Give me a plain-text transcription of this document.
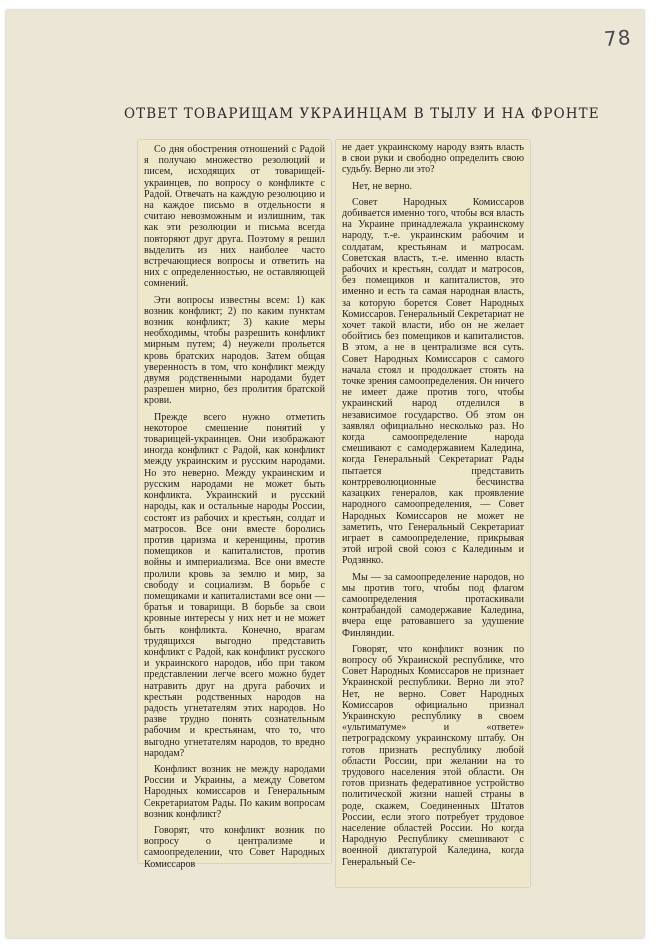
78
ОТВЕТ ТОВАРИЩАМ УКРАИНЦАМ В ТЫЛУ И НА ФРОНТЕ

Со дня обострения отношений с Радой я получаю множество резолюций и писем, исходящих от товарищей-украинцев, по вопросу о конфликте с Радой. Отвечать на каждую резолюцию и на каждое письмо в отдельности я считаю невозможным и излишним, так как эти резолюции и письма всегда повторяют друг друга. Поэтому я решил выделить из них наиболее часто встречающиеся вопросы и ответить на них с определенностью, не оставляющей сомнений.

Эти вопросы известны всем: 1) как возник конфликт; 2) по каким пунктам возник конфликт; 3) какие меры необходимы, чтобы разрешить конфликт мирным путем; 4) неужели прольется кровь братских народов. Затем общая уверенность в том, что конфликт между двумя родственными народами будет разрешен мирно, без пролития братской крови.

Прежде всего нужно отметить некоторое смешение понятий у товарищей-украинцев. Они изображают иногда конфликт с Радой, как конфликт между украинским и русским народами. Но это неверно. Между украинским и русским народами не может быть конфликта. Украинский и русский народы, как и остальные народы России, состоят из рабочих и крестьян, солдат и матросов. Все они вместе боролись против царизма и керенщины, против помещиков и капиталистов, против войны и империализма. Все они вместе пролили кровь за землю и мир, за свободу и социализм. В борьбе с помещиками и капиталистами все они — братья и товарищи. В борьбе за свои кровные интересы у них нет и не может быть конфликта. Конечно, врагам трудящихся выгодно представить конфликт с Радой, как конфликт русского и украинского народов, ибо при таком представлении легче всего можно будет натравить друг на друга рабочих и крестьян родственных народов на радость угнетателям этих народов. Но разве трудно понять сознательным рабочим и крестьянам, что то, что выгодно угнетателям народов, то вредно народам?

Конфликт возник не между народами России и Украины, а между Советом Народных комиссаров и Генеральным Секретариатом Рады. По каким вопросам возник конфликт?

Говорят, что конфликт возник по вопросу о централизме и самоопределении, что Совет Народных Комиссаров

не дает украинскому народу взять власть в свои руки и свободно определить свою судьбу. Верно ли это?

Нет, не верно.

Совет Народных Комиссаров добивается именно того, чтобы вся власть на Украине принадлежала украинскому народу, т.-е. украинским рабочим и солдатам, крестьянам и матросам. Советская власть, т.-е. именно власть рабочих и крестьян, солдат и матросов, без помещиков и капиталистов, это именно и есть та самая народная власть, за которую борется Совет Народных Комиссаров. Генеральный Секретариат не хочет такой власти, ибо он не желает обойтись без помещиков и капиталистов. В этом, а не в централизме вся суть. Совет Народных Комиссаров с самого начала стоял и продолжает стоять на точке зрения самоопределения. Он ничего не имеет даже против того, чтобы украинский народ отделился в независимое государство. Об этом он заявлял официально несколько раз. Но когда самоопределение народа смешивают с самодержавием Каледина, когда Генеральный Секретариат Рады пытается представить контрреволюционные бесчинства казацких генералов, как проявление народного самоопределения, — Совет Народных Комиссаров не может не заметить, что Генеральный Секретариат играет в самоопределение, прикрывая этой игрой свой союз с Калединым и Родзянко.

Мы — за самоопределение народов, но мы против того, чтобы под флагом самоопределения протаскивали контрабандой самодержавие Каледина, вчера еще ратовавшего за удушение Финляндии.

Говорят, что конфликт возник по вопросу об Украинской республике, что Совет Народных Комиссаров не признает Украинской республики. Верно ли это? Нет, не верно. Совет Народных Комиссаров официально признал Украинскую республику в своем «ультиматуме» и «ответе» петроградскому украинскому штабу. Он готов признать республику любой области России, при желании на то трудового населения этой области. Он готов признать федеративное устройство политической жизни нашей страны в роде, скажем, Соединенных Штатов России, если этого потребует трудовое население областей России. Но когда Народную Республику смешивают с военной диктатурой Каледина, когда Генеральный Се-
